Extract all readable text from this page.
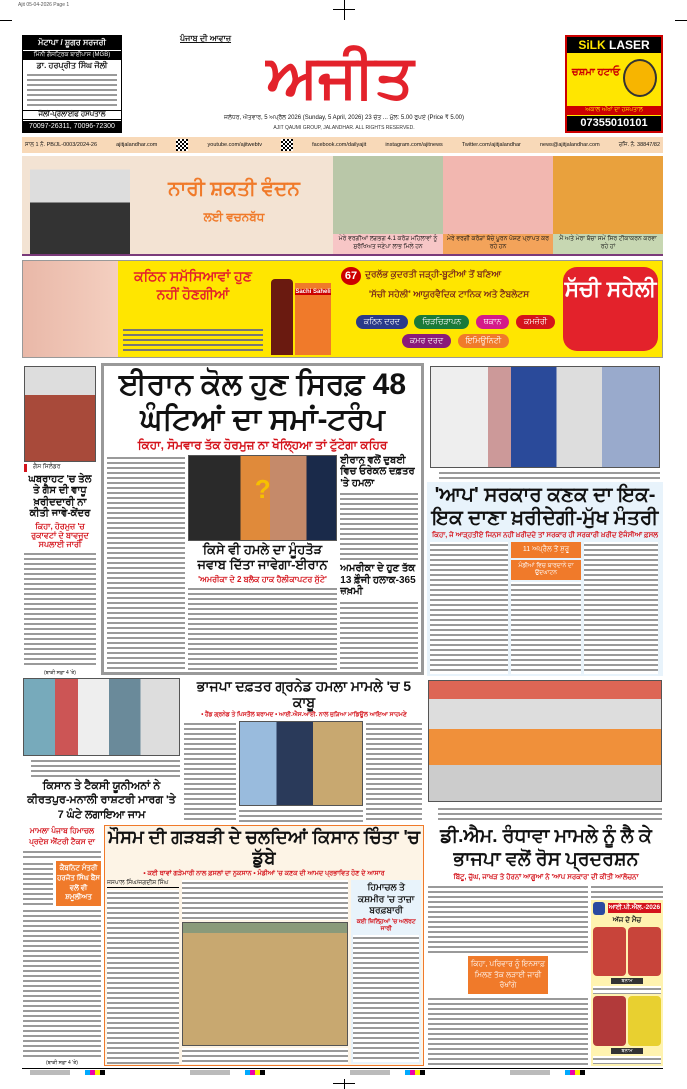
Ajit 05-04-2026 Page 1
ਮੋਟਾਪਾ / ਸ਼ੂਗਰ ਸਰਜਰੀ
ਮਿੰਨੀ ਗੈਸਟ੍ਰਿਕ ਬਾਈਪਾਸ (MGB)
ਡਾ. ਹਰਪ੍ਰੀਤ ਸਿੰਘ ਜੌਲੀ
ਜੌਲੀ-ਪ੍ਰੋਲਾਈਫ ਹਸਪਤਾਲ
70097-26311, 70096-72300
ਪੰਜਾਬ ਦੀ ਆਵਾਜ਼
ਅਜੀਤ
ਜਲੰਧਰ, ਐਤਵਾਰ, 5 ਅਪ੍ਰੈਲ 2026 (Sunday, 5 April, 2026) 23 ਚੇਤ ... ਮੁੱਲ: 5.00 ਰੁਪਏ (Price ₹ 5.00)
AJIT QAUMI GROUP, JALANDHAR. ALL RIGHTS RESERVED.
SiLK LASER
ਚਸ਼ਮਾ ਹਟਾਓ
ਅਕਾਲ ਅੱਖਾਂ ਦਾ ਹਸਪਤਾਲ
07355010101
ਸਾਲ 1 ਨੰ. PB/JL-0003/2024-26	ajitjalandhar.com	youtube.com/ajitwebtv	facebook.com/dailyajit	instagram.com/ajitnews	Twitter.com/ajitjalandhar	news@ajitjalandhar.com	ਰਜਿ. ਨੰ. 38847/82
ਨਾਰੀ ਸ਼ਕਤੀ ਵੰਦਨ
ਲਈ ਵਚਨਬੱਧ
ਮੇਰੇ ਵਰਗੀਆਂ ਲਗਭਗ 4.1 ਕਰੋੜ ਮਹਿਲਾਵਾਂ ਨੂੰ ਸੁਰੱਖਿਅਤ ਜਣੇਪਾ ਲਾਭ ਮਿਲੇ ਹਨ
ਮੇਰੇ ਵਰਗੀ ਕਰੋੜਾਂ ਬੱਚੇ ਪੂਰਨ ਪੋਸ਼ਣ ਪ੍ਰਾਪਤ ਕਰ ਰਹੇ ਹਨ
ਮੈਂ ਅਤੇ ਮੇਰਾ ਬੱਚਾ ਸਮੇਂ ਸਿਰ ਟੀਕਾਕਰਨ ਕਰਵਾ ਰਹੇ ਹਾਂ
ਕਠਿਨ ਸਮੱਸਿਆਵਾਂ ਹੁਣ ਨਹੀਂ ਹੋਣਗੀਆਂ	Sachi Saheli
67 ਦੁਰਲੱਭ ਕੁਦਰਤੀ ਜੜ੍ਹੀ-ਬੂਟੀਆਂ ਤੋਂ ਬਣਿਆ
'ਸੱਚੀ ਸਹੇਲੀ' ਆਯੁਰਵੈਦਿਕ ਟਾਨਿਕ ਅਤੇ ਟੈਬਲੇਟਸ
ਕਠਿਨ ਦਰਦ	ਚਿੜਚਿੜਾਪਨ	ਥਕਾਨ	ਕਮਜ਼ੋਰੀ ਕਮਰ ਦਰਦ	ਇਮਿਊਨਿਟੀ
ਸੱਚੀ ਸਹੇਲੀ
ਗੈਸ ਸਿਲੰਡਰ
ਘਬਰਾਹਟ 'ਚ ਤੇਲ ਤੇ ਗੈਸ ਦੀ ਵਾਧੂ ਖ਼ਰੀਦਦਾਰੀ ਨਾ ਕੀਤੀ ਜਾਵੇ-ਕੇਂਦਰ
ਕਿਹਾ, ਹੋਰਮੁਜ਼ 'ਚ ਰੁਕਾਵਟਾਂ ਦੇ ਬਾਵਜੂਦ ਸਪਲਾਈ ਜਾਰੀ
(ਬਾਕੀ ਸਫ਼ਾ 4 'ਤੇ)
ਈਰਾਨ ਕੋਲ ਹੁਣ ਸਿਰਫ਼ 48 ਘੰਟਿਆਂ ਦਾ ਸਮਾਂ-ਟਰੰਪ
ਕਿਹਾ, ਸੋਮਵਾਰ ਤੱਕ ਹੋਰਮੁਜ਼ ਨਾ ਖੋਲ੍ਹਿਆ ਤਾਂ ਟੁੱਟੇਗਾ ਕਹਿਰ
?
ਕਿਸੇ ਵੀ ਹਮਲੇ ਦਾ ਮੂੰਹਤੋੜ ਜਵਾਬ ਦਿੱਤਾ ਜਾਵੇਗਾ-ਈਰਾਨ
'ਅਮਰੀਕਾ ਦੇ 2 ਬਲੈਕ ਹਾਕ ਹੈਲੀਕਾਪਟਰ ਸੁੱਟੇ'
ਈਰਾਨ ਵਲੋਂ ਦੁਬਈ ਵਿਚ ਓਰੇਕਲ ਦਫ਼ਤਰ 'ਤੇ ਹਮਲਾ
ਅਮਰੀਕਾ ਦੇ ਹੁਣ ਤੱਕ 13 ਫ਼ੌਜੀ ਹਲਾਕ-365 ਜ਼ਖ਼ਮੀ
'ਆਪ' ਸਰਕਾਰ ਕਣਕ ਦਾ ਇਕ-ਇਕ ਦਾਣਾ ਖ਼ਰੀਦੇਗੀ-ਮੁੱਖ ਮੰਤਰੀ
ਕਿਹਾ, ਜੇ ਆੜ੍ਹਤੀਏ ਜਿਨਸ ਨਹੀਂ ਖ਼ਰੀਦਦੇ ਤਾਂ ਸਰਕਾਰ ਹੀ ਸਰਕਾਰੀ ਖ਼ਰੀਦ ਏਜੰਸੀਆਂ ਫ਼ਸਲ
11 ਅਪ੍ਰੈਲ ਤੋਂ ਸ਼ੁਰੂ
ਮੰਡੀਆਂ ਵਿਚ ਬਾਰਦਾਨੇ ਦਾ ਉਦਘਾਟਨ
ਕਿਸਾਨ ਤੇ ਟੈਕਸੀ ਯੂਨੀਅਨਾਂ ਨੇ ਕੀਰਤਪੁਰ-ਮਨਾਲੀ ਰਾਸ਼ਟਰੀ ਮਾਰਗ 'ਤੇ 7 ਘੰਟੇ ਲਗਾਇਆ ਜਾਮ
ਭਾਜਪਾ ਦਫ਼ਤਰ ਗ੍ਰਨੇਡ ਹਮਲਾ ਮਾਮਲੇ 'ਚ 5 ਕਾਬੂ
• ਹੈਂਡ ਗ੍ਰਨੇਡ ਤੇ ਪਿਸਤੌਲ ਬਰਾਮਦ • ਆਈ.ਐਸ.ਆਈ. ਨਾਲ ਜੁੜਿਆ ਮਾਡਿਊਲ ਆਇਆ ਸਾਹਮਣੇ
ਮਾਮਲਾ ਪੰਜਾਬ ਹਿਮਾਚਲ ਪ੍ਰਦੇਸ਼ ਐਂਟਰੀ ਟੈਕਸ ਦਾ
ਕੈਬਨਿਟ ਮੰਤਰੀ ਹਰਜੋਤ ਸਿੰਘ ਬੈਂਸ ਵਲੋਂ ਵੀ ਸ਼ਮੂਲੀਅਤ
(ਬਾਕੀ ਸਫ਼ਾ 4 'ਤੇ)
ਮੌਸਮ ਦੀ ਗੜਬੜੀ ਦੇ ਚਲਦਿਆਂ ਕਿਸਾਨ ਚਿੰਤਾ 'ਚ ਡੁੱਬੇ
• ਕਈ ਥਾਵਾਂ ਗੜੇਮਾਰੀ ਨਾਲ ਫ਼ਸਲਾਂ ਦਾ ਨੁਕਸਾਨ • ਮੰਡੀਆਂ 'ਚ ਕਣਕ ਦੀ ਆਮਦ ਪ੍ਰਭਾਵਿਤ ਹੋਣ ਦੇ ਆਸਾਰ
ਜਸਪਾਲ ਸਿੰਘ/ਜਗਦੀਸ਼ ਸਿੰਘ	ਹਿਮਾਚਲ ਤੇ ਕਸ਼ਮੀਰ 'ਚ ਤਾਜ਼ਾ ਬਰਫ਼ਬਾਰੀ
ਕਈ ਜ਼ਿਲ੍ਹਿਆਂ 'ਚ ਅਲਰਟ ਜਾਰੀ
ਡੀ.ਐਮ. ਰੰਧਾਵਾ ਮਾਮਲੇ ਨੂੰ ਲੈ ਕੇ ਭਾਜਪਾ ਵਲੋਂ ਰੋਸ ਪ੍ਰਦਰਸ਼ਨ
ਬਿੱਟੂ, ਚੁੱਘ, ਜਾਖੜ ਤੇ ਹੋਰਨਾਂ ਆਗੂਆਂ ਨੇ 'ਆਪ ਸਰਕਾਰ' ਦੀ ਕੀਤੀ ਆਲੋਚਨਾ
ਕਿਹਾ, ਪਰਿਵਾਰ ਨੂੰ ਇਨਸਾਫ਼ ਮਿਲਣ ਤੱਕ ਲੜਾਈ ਜਾਰੀ ਰੱਖਾਂਗੇ
ਆਈ.ਪੀ.ਐਲ.-2026
ਅੱਜ ਦੇ ਮੈਚ
ਬਨਾਮ
ਬਨਾਮ
